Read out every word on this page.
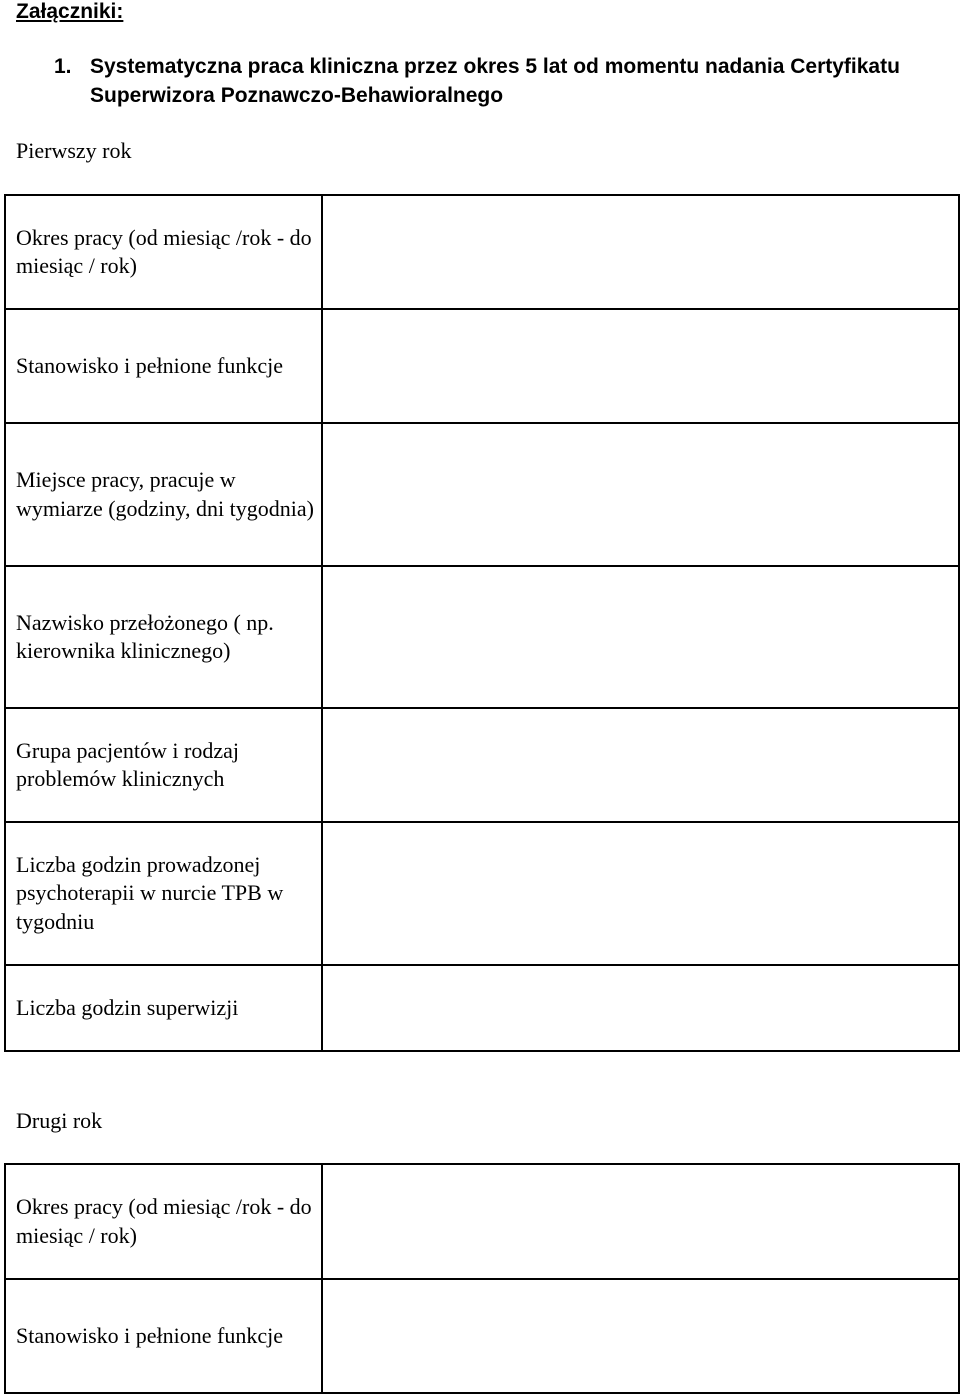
Załączniki:
1. Systematyczna praca kliniczna przez okres 5 lat od momentu nadania Certyfikatu Superwizora Poznawczo-Behawioralnego
Pierwszy rok
Okres pracy (od miesiąc /rok - do miesiąc / rok)	
Stanowisko i pełnione funkcje	
Miejsce pracy, pracuje w wymiarze (godziny, dni tygodnia)	
Nazwisko przełożonego ( np. kierownika klinicznego)	
Grupa pacjentów i rodzaj problemów klinicznych	
Liczba godzin prowadzonej psychoterapii w nurcie TPB w tygodniu	
Liczba godzin superwizji	
Drugi rok
Okres pracy (od miesiąc /rok - do miesiąc / rok)	
Stanowisko i pełnione funkcje	
